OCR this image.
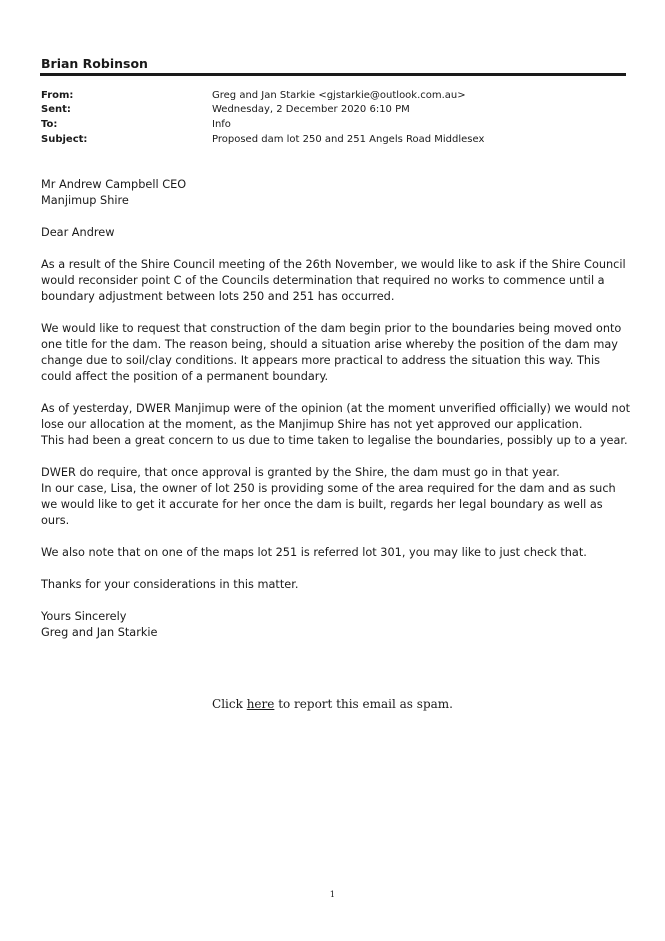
Brian Robinson
From:	Greg and Jan Starkie <gjstarkie@outlook.com.au>
Sent:	Wednesday, 2 December 2020 6:10 PM
To:	Info
Subject:	Proposed dam lot 250 and 251 Angels Road Middlesex

Mr Andrew Campbell CEO
Manjimup Shire

Dear Andrew

As a result of the Shire Council meeting of the 26th November, we would like to ask if the Shire Council would reconsider point C of the Councils determination that required no works to commence until a boundary adjustment between lots 250 and 251 has occurred.

We would like to request that construction of the dam begin prior to the boundaries being moved onto one title for the dam. The reason being, should a situation arise whereby the position of the dam may change due to soil/clay conditions. It appears more practical to address the situation this way. This could affect the position of a permanent boundary.

As of yesterday, DWER Manjimup were of the opinion (at the moment unverified officially) we would not lose our allocation at the moment, as the Manjimup Shire has not yet approved our application.
This had been a great concern to us due to time taken to legalise the boundaries, possibly up to a year.

DWER do require, that once approval is granted by the Shire, the dam must go in that year.
In our case, Lisa, the owner of lot 250 is providing some of the area required for the dam and as such we would like to get it accurate for her once the dam is built, regards her legal boundary as well as ours.

We also note that on one of the maps lot 251 is referred lot 301, you may like to just check that.

Thanks for your considerations in this matter.

Yours Sincerely
Greg and Jan Starkie

Click here to report this email as spam.
1
